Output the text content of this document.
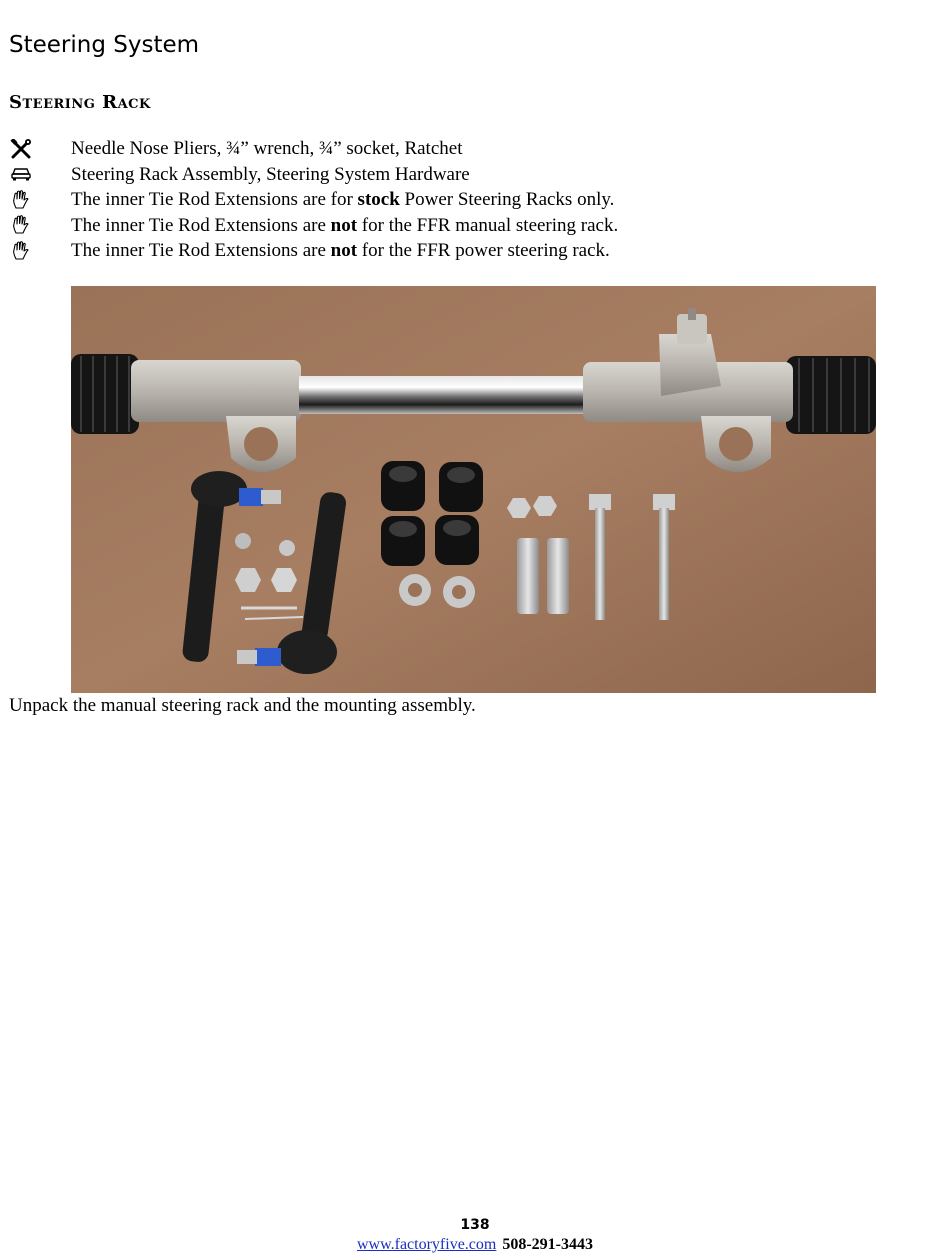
Steering System
Steering Rack
Needle Nose Pliers, ¾” wrench, ¾” socket, Ratchet
Steering Rack Assembly, Steering System Hardware
The inner Tie Rod Extensions are for stock Power Steering Racks only.
The inner Tie Rod Extensions are not for the FFR manual steering rack.
The inner Tie Rod Extensions are not for the FFR power steering rack.
Unpack the manual steering rack and the mounting assembly.
138
www.factoryfive.com 508-291-3443
